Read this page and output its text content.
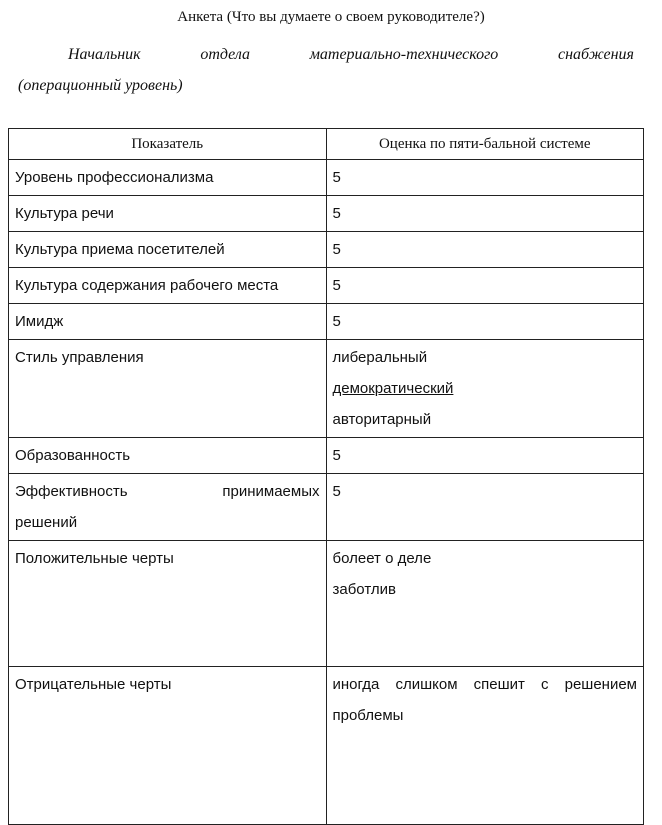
Анкета (Что вы думаете о своем руководителе?)
Начальник	отдела	материально-технического	снабжения
(операционный уровень)
Показатель	Оценка по пяти-бальной системе
Уровень профессионализма	5
Культура речи	5
Культура приема посетителей	5
Культура содержания рабочего места	5
Имидж	5
Стиль управления	либеральный
демократический
авторитарный

Образованность	5

Эффективность принимаемых
решений	5
Положительные черты	болеет о деле
заботлив

Отрицательные черты	иногда слишком спешит с решением
проблемы
